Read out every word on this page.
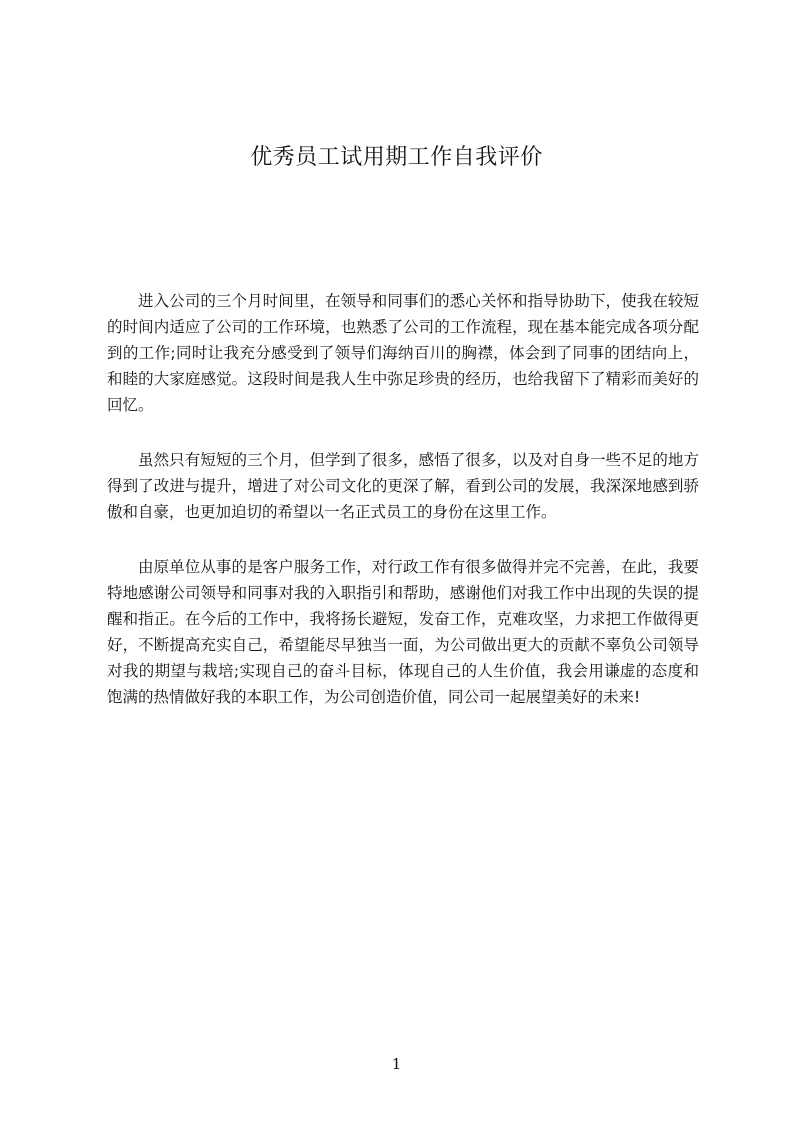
优秀员工试用期工作自我评价

进入公司的三个月时间里，在领导和同事们的悉心关怀和指导协助下，使我在较短的时间内适应了公司的工作环境，也熟悉了公司的工作流程，现在基本能完成各项分配到的工作;同时让我充分感受到了领导们海纳百川的胸襟，体会到了同事的团结向上，和睦的大家庭感觉。这段时间是我人生中弥足珍贵的经历，也给我留下了精彩而美好的回忆。

虽然只有短短的三个月，但学到了很多，感悟了很多，以及对自身一些不足的地方得到了改进与提升，增进了对公司文化的更深了解，看到公司的发展，我深深地感到骄傲和自豪，也更加迫切的希望以一名正式员工的身份在这里工作。

由原单位从事的是客户服务工作，对行政工作有很多做得并完不完善，在此，我要特地感谢公司领导和同事对我的入职指引和帮助，感谢他们对我工作中出现的失误的提醒和指正。在今后的工作中，我将扬长避短，发奋工作，克难攻坚，力求把工作做得更好，不断提高充实自己，希望能尽早独当一面，为公司做出更大的贡献不辜负公司领导对我的期望与栽培;实现自己的奋斗目标，体现自己的人生价值，我会用谦虚的态度和饱满的热情做好我的本职工作，为公司创造价值，同公司一起展望美好的未来!

1
